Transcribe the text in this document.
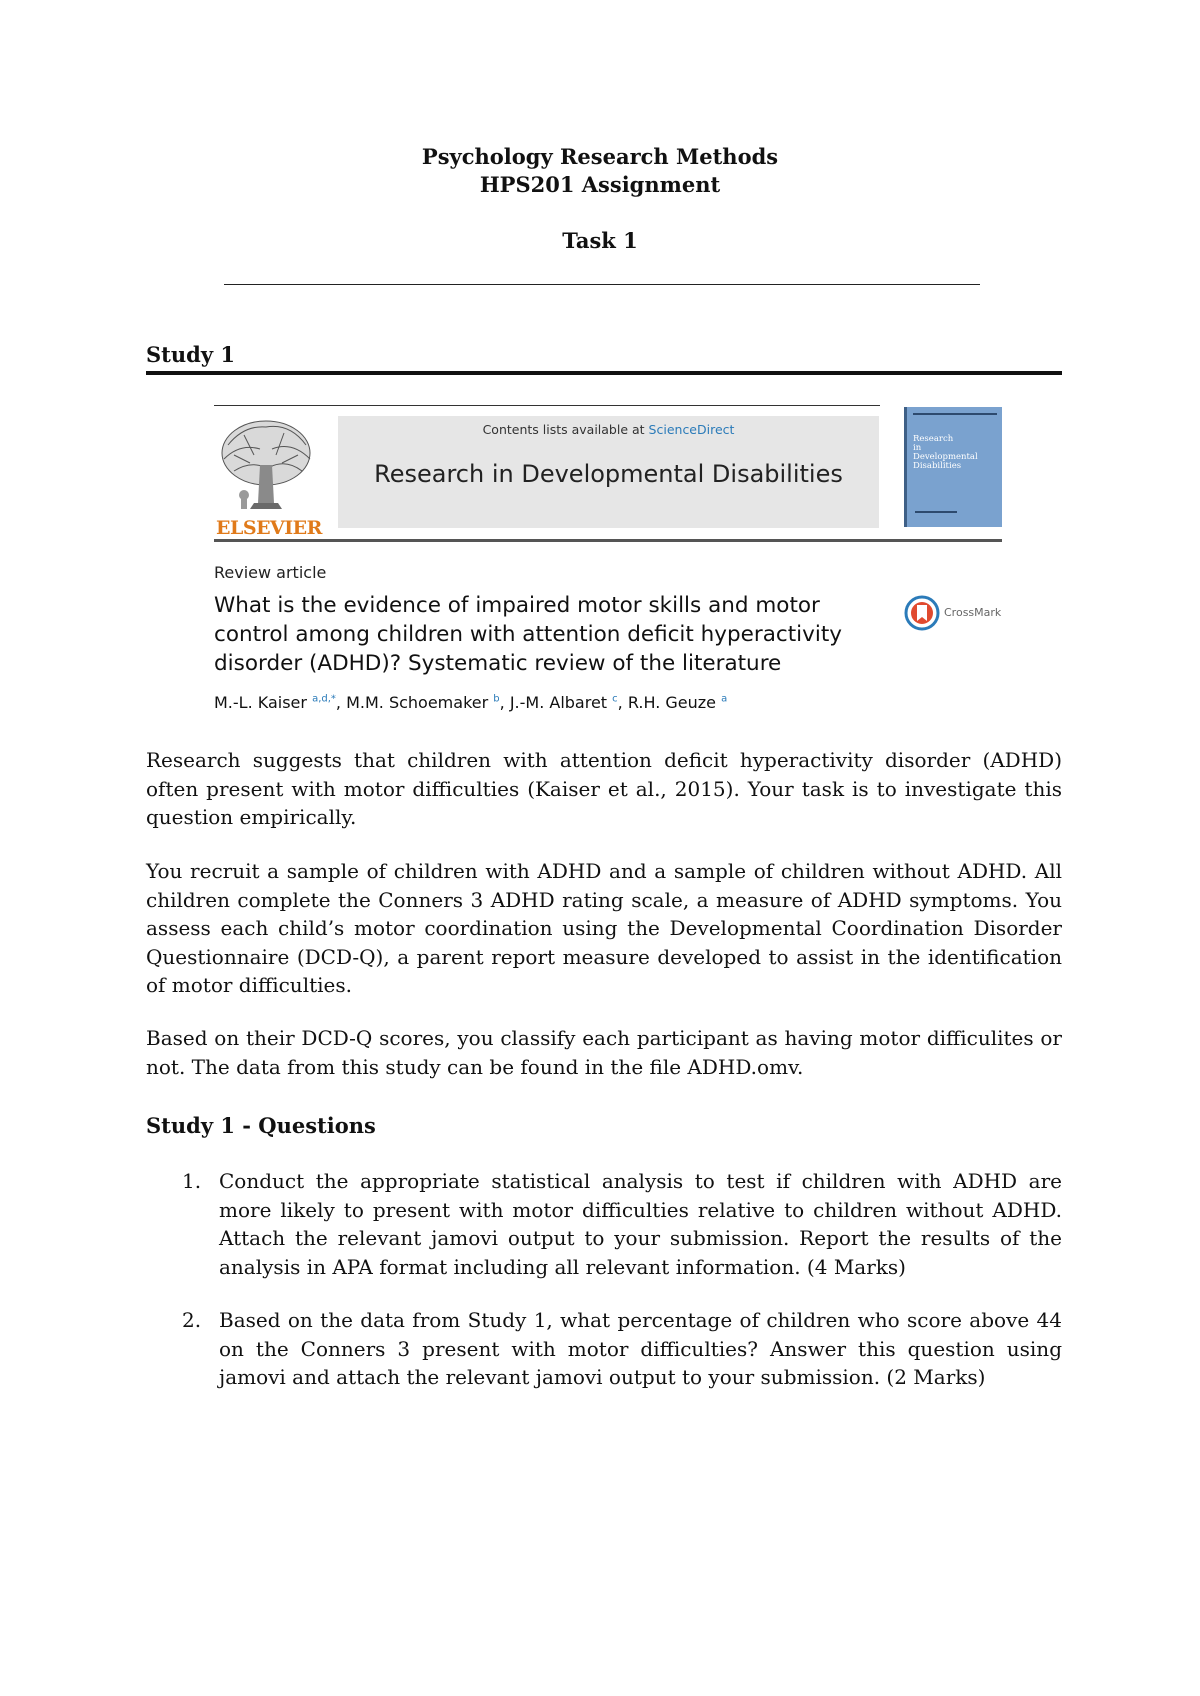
Psychology Research Methods
HPS201 Assignment
Task 1
Study 1
ELSEVIER
Contents lists available at ScienceDirect
Research in Developmental Disabilities
Research
in
Developmental
Disabilities
Review article
What is the evidence of impaired motor skills and motor control among children with attention deficit hyperactivity disorder (ADHD)? Systematic review of the literature
CrossMark
M.-L. Kaiser $^{a,d,*}$, M.M. Schoemaker $^b$, J.-M. Albaret $^c$, R.H. Geuze $^a$
Research suggests that children with attention deficit hyperactivity disorder (ADHD) often present with motor difficulties (Kaiser et al., 2015). Your task is to investigate this question empirically.
You recruit a sample of children with ADHD and a sample of children without ADHD. All children complete the Conners 3 ADHD rating scale, a measure of ADHD symptoms. You assess each child’s motor coordination using the Developmental Coordination Disorder Questionnaire (DCD-Q), a parent report measure developed to assist in the identification of motor difficulties.
Based on their DCD-Q scores, you classify each participant as having motor difficulites or not. The data from this study can be found in the file ADHD.omv.
Study 1 - Questions
1. Conduct the appropriate statistical analysis to test if children with ADHD are more likely to present with motor difficulties relative to children without ADHD. Attach the relevant jamovi output to your submission. Report the results of the analysis in APA format including all relevant information. (4 Marks)
2. Based on the data from Study 1, what percentage of children who score above 44 on the Conners 3 present with motor difficulties? Answer this question using jamovi and attach the relevant jamovi output to your submission. (2 Marks)
